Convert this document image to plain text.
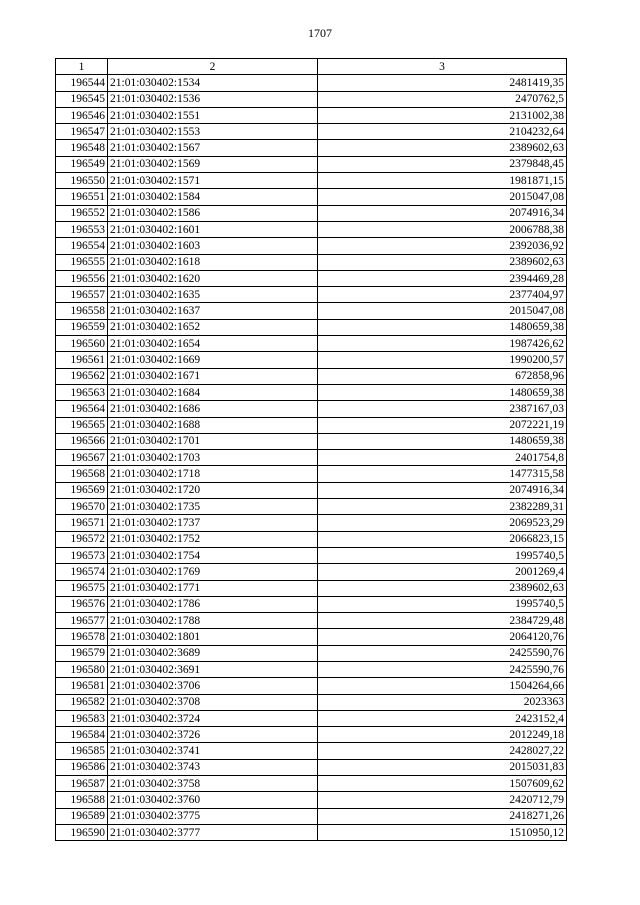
1707
1	2	3
196544	21:01:030402:1534	2481419,35
196545	21:01:030402:1536	2470762,5
196546	21:01:030402:1551	2131002,38
196547	21:01:030402:1553	2104232,64
196548	21:01:030402:1567	2389602,63
196549	21:01:030402:1569	2379848,45
196550	21:01:030402:1571	1981871,15
196551	21:01:030402:1584	2015047,08
196552	21:01:030402:1586	2074916,34
196553	21:01:030402:1601	2006788,38
196554	21:01:030402:1603	2392036,92
196555	21:01:030402:1618	2389602,63
196556	21:01:030402:1620	2394469,28
196557	21:01:030402:1635	2377404,97
196558	21:01:030402:1637	2015047,08
196559	21:01:030402:1652	1480659,38
196560	21:01:030402:1654	1987426,62
196561	21:01:030402:1669	1990200,57
196562	21:01:030402:1671	672858,96
196563	21:01:030402:1684	1480659,38
196564	21:01:030402:1686	2387167,03
196565	21:01:030402:1688	2072221,19
196566	21:01:030402:1701	1480659,38
196567	21:01:030402:1703	2401754,8
196568	21:01:030402:1718	1477315,58
196569	21:01:030402:1720	2074916,34
196570	21:01:030402:1735	2382289,31
196571	21:01:030402:1737	2069523,29
196572	21:01:030402:1752	2066823,15
196573	21:01:030402:1754	1995740,5
196574	21:01:030402:1769	2001269,4
196575	21:01:030402:1771	2389602,63
196576	21:01:030402:1786	1995740,5
196577	21:01:030402:1788	2384729,48
196578	21:01:030402:1801	2064120,76
196579	21:01:030402:3689	2425590,76
196580	21:01:030402:3691	2425590,76
196581	21:01:030402:3706	1504264,66
196582	21:01:030402:3708	2023363
196583	21:01:030402:3724	2423152,4
196584	21:01:030402:3726	2012249,18
196585	21:01:030402:3741	2428027,22
196586	21:01:030402:3743	2015031,83
196587	21:01:030402:3758	1507609,62
196588	21:01:030402:3760	2420712,79
196589	21:01:030402:3775	2418271,26
196590	21:01:030402:3777	1510950,12
